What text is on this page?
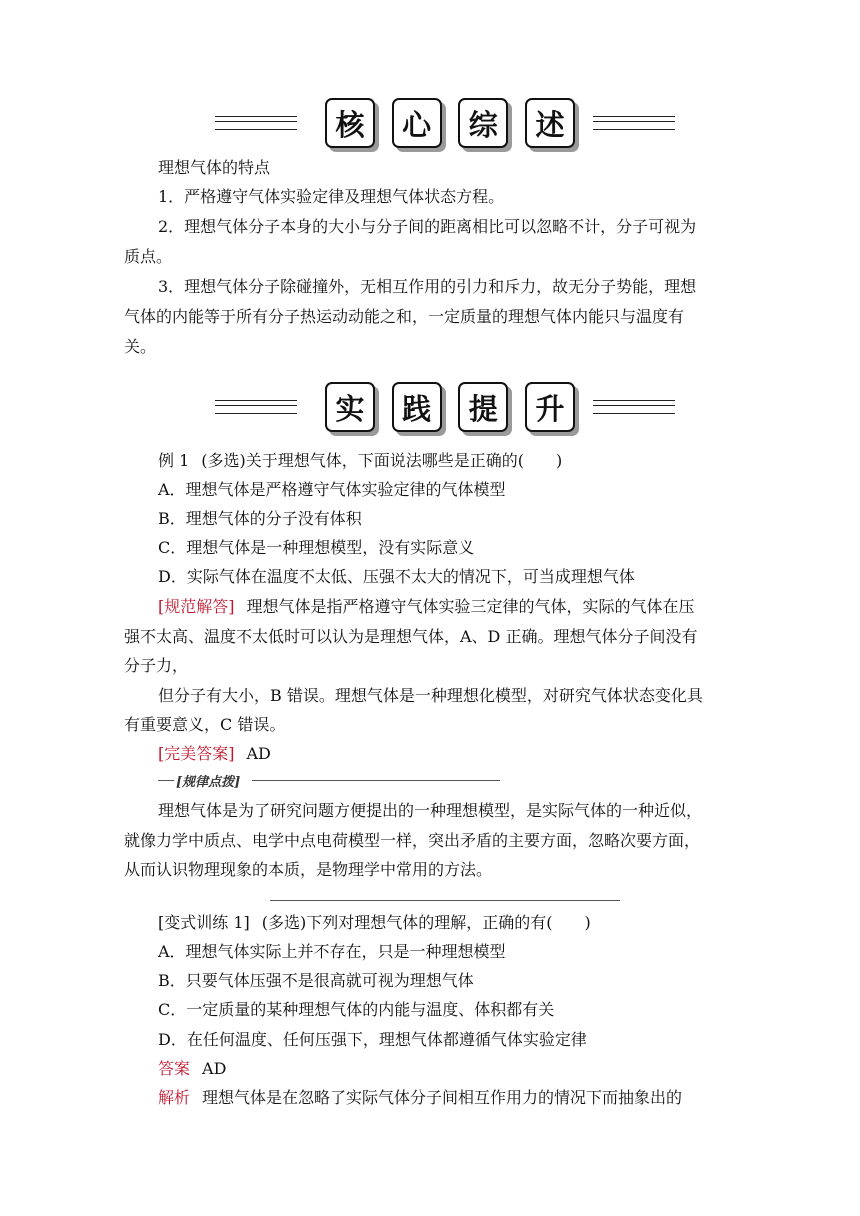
核	心	综	述
理想气体的特点
1．严格遵守气体实验定律及理想气体状态方程。
2．理想气体分子本身的大小与分子间的距离相比可以忽略不计，分子可视为
质点。
3．理想气体分子除碰撞外，无相互作用的引力和斥力，故无分子势能，理想
气体的内能等于所有分子热运动动能之和，一定质量的理想气体内能只与温度有
关。
实	践	提	升
例 1 (多选)关于理想气体，下面说法哪些是正确的(　　)
A．理想气体是严格遵守气体实验定律的气体模型
B．理想气体的分子没有体积
C．理想气体是一种理想模型，没有实际意义
D．实际气体在温度不太低、压强不太大的情况下，可当成理想气体
[规范解答] 理想气体是指严格遵守气体实验三定律的气体，实际的气体在压
强不太高、温度不太低时可以认为是理想气体，A、D 正确。理想气体分子间没有
分子力，
但分子有大小，B 错误。理想气体是一种理想化模型，对研究气体状态变化具
有重要意义，C 错误。
[完美答案] AD
[规律点拨]
理想气体是为了研究问题方便提出的一种理想模型，是实际气体的一种近似，
就像力学中质点、电学中点电荷模型一样，突出矛盾的主要方面，忽略次要方面，
从而认识物理现象的本质，是物理学中常用的方法。
[变式训练 1] (多选)下列对理想气体的理解，正确的有(　　)
A．理想气体实际上并不存在，只是一种理想模型
B．只要气体压强不是很高就可视为理想气体
C．一定质量的某种理想气体的内能与温度、体积都有关
D．在任何温度、任何压强下，理想气体都遵循气体实验定律
答案 AD
解析 理想气体是在忽略了实际气体分子间相互作用力的情况下而抽象出的
